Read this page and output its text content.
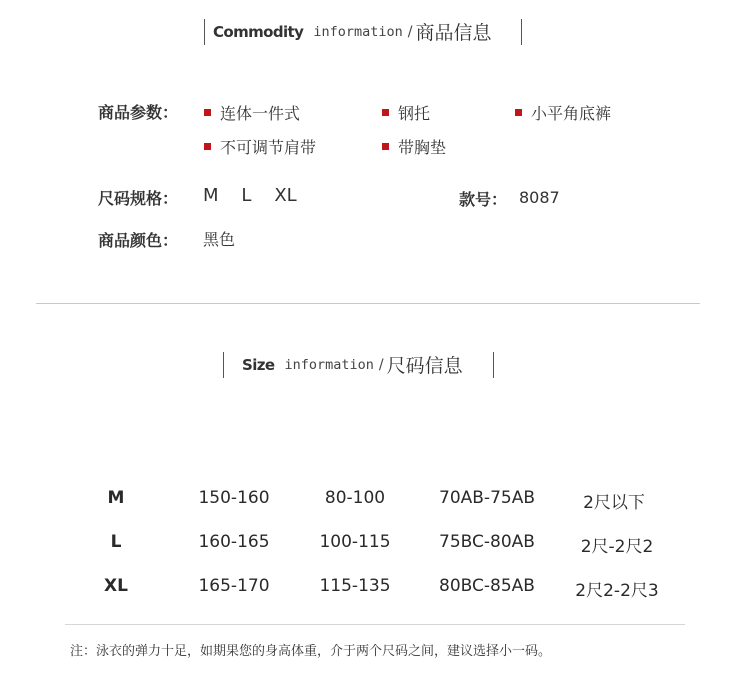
Commodity information / 商品信息
商品参数：	连体一件式	钢托	小平角底裤
不可调节肩带	带胸垫
尺码规格： M    L    XL	款号： 8087
商品颜色： 黑色
Size information / 尺码信息
M	150-160	80-100	70AB-75AB	2尺以下
L	160-165	100-115	75BC-80AB	2尺-2尺2
XL	165-170	115-135	80BC-85AB 2尺2-2尺3
注：泳衣的弹力十足，如期果您的身高体重，介于两个尺码之间，建议选择小一码。
